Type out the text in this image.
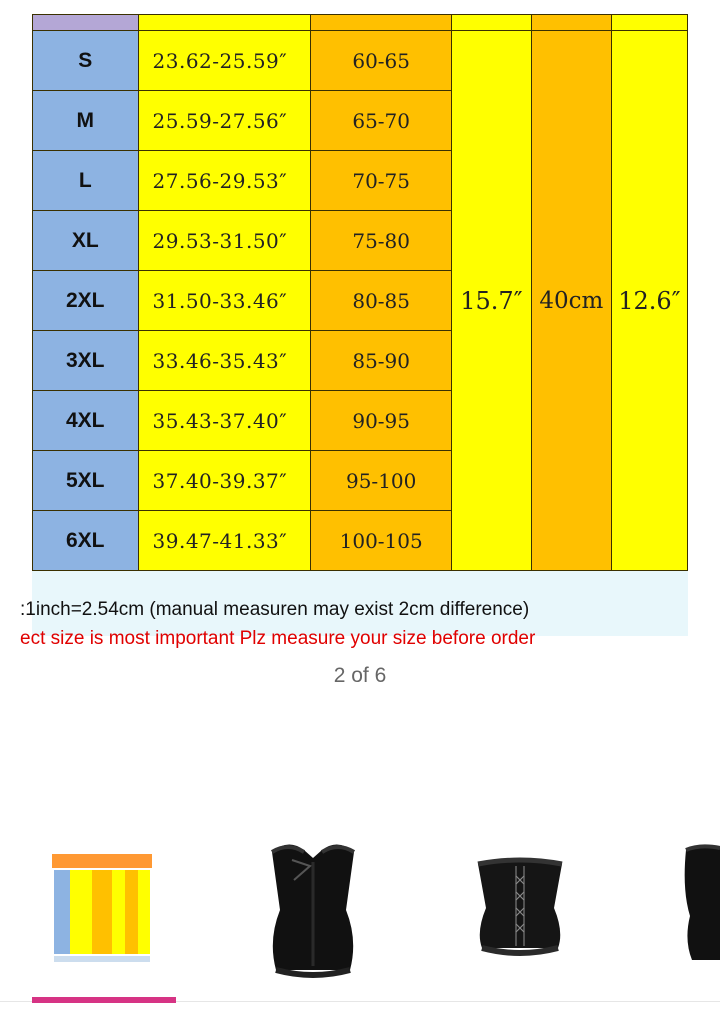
S	23.62-25.59″	60-65	15.7″	40cm	12.6″
M	25.59-27.56″	65-70			
L	27.56-29.53″	70-75			
XL	29.53-31.50″	75-80			
2XL	31.50-33.46″	80-85			
3XL	33.46-35.43″	85-90			
4XL	35.43-37.40″	90-95			
5XL	37.40-39.37″	95-100			
6XL	39.47-41.33″	100-105			
:1inch=2.54cm (manual measuren may exist 2cm difference)
ect size is most important Plz measure your size before order
2 of 6
